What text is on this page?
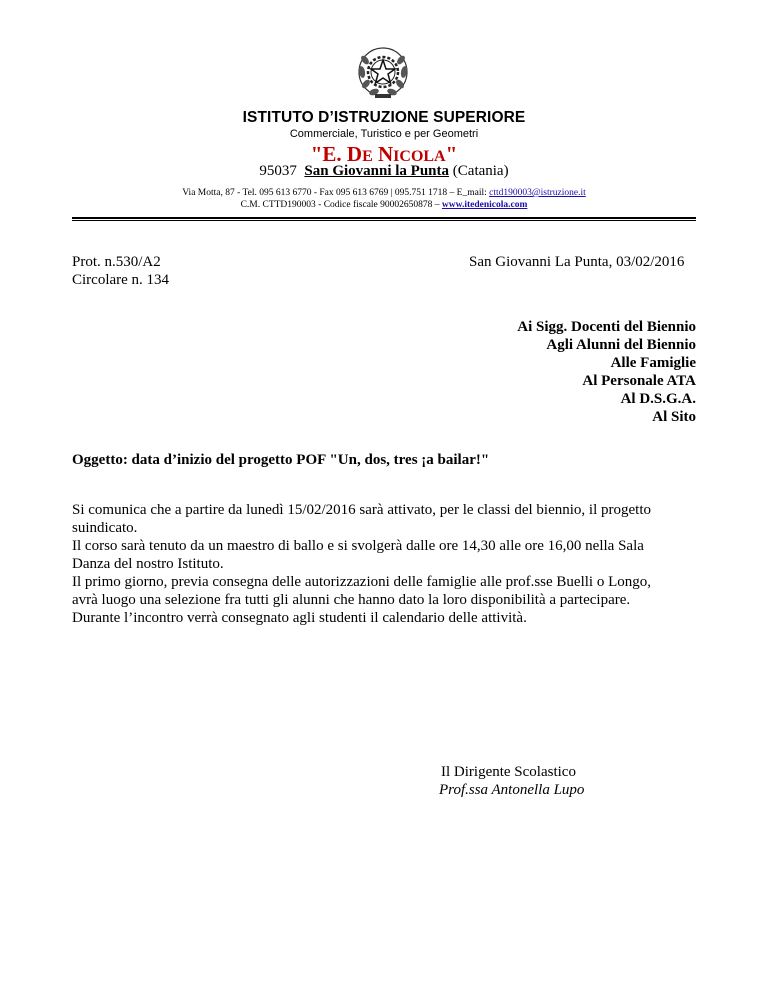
ISTITUTO D’ISTRUZIONE SUPERIORE
Commerciale, Turistico e per Geometri
"E. DE NICOLA"
95037 San Giovanni la Punta (Catania)
Via Motta, 87 - Tel. 095 613 6770 - Fax 095 613 6769 | 095.751 1718 – E_mail: cttd190003@istruzione.it
C.M. CTTD190003 - Codice fiscale 90002650878 – www.itedenicola.com
Prot. n.530/A2
Circolare n. 134
San Giovanni La Punta, 03/02/2016
Ai Sigg. Docenti del Biennio
Agli Alunni del Biennio
Alle Famiglie
Al Personale ATA
Al D.S.G.A.
Al Sito
Oggetto: data d’inizio del progetto POF "Un, dos, tres ¡a bailar!"

Si comunica che a partire da lunedì 15/02/2016 sarà attivato, per le classi del biennio, il progetto

suindicato.

Il corso sarà tenuto da un maestro di ballo e si svolgerà dalle ore 14,30 alle ore 16,00 nella Sala

Danza del nostro Istituto.

Il primo giorno, previa consegna delle autorizzazioni delle famiglie alle prof.sse Buelli o Longo,

avrà luogo una selezione fra tutti gli alunni che hanno dato la loro disponibilità a partecipare.

Durante l’incontro verrà consegnato agli studenti il calendario delle attività.

Il Dirigente Scolastico
Prof.ssa Antonella Lupo
